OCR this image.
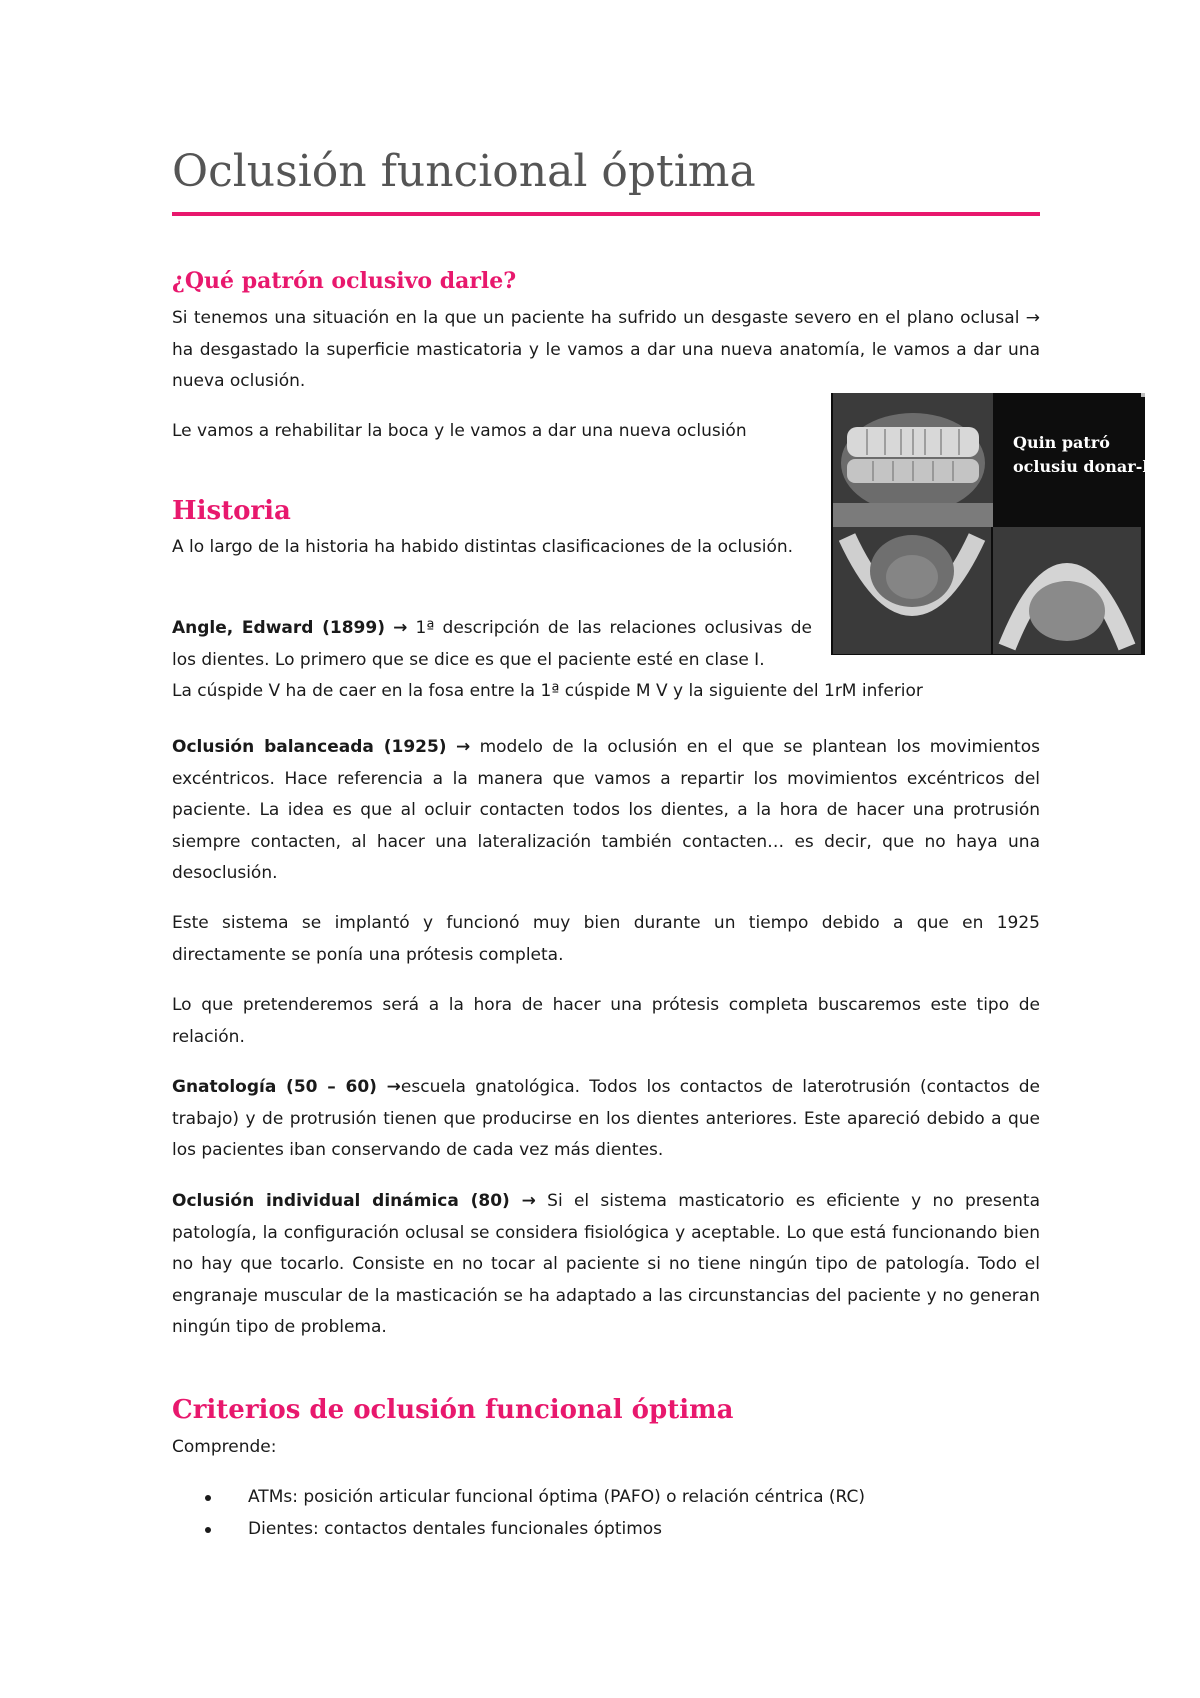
Oclusión funcional óptima
¿Qué patrón oclusivo darle?

Si tenemos una situación en la que un paciente ha sufrido un desgaste severo en el plano oclusal → ha desgastado la superficie masticatoria y le vamos a dar una nueva anatomía, le vamos a dar una nueva oclusión.

Le vamos a rehabilitar la boca y le vamos a dar una nueva oclusión

Quin patró
oclusiu donar-li?

Historia

A lo largo de la historia ha habido distintas clasificaciones de la oclusión.

Angle, Edward (1899) → 1ª descripción de las relaciones oclusivas de los dientes. Lo primero que se dice es que el paciente esté en clase I.

La cúspide V ha de caer en la fosa entre la 1ª cúspide M V y la siguiente del 1rM inferior

Oclusión balanceada (1925) → modelo de la oclusión en el que se plantean los movimientos excéntricos. Hace referencia a la manera que vamos a repartir los movimientos excéntricos del paciente. La idea es que al ocluir contacten todos los dientes, a la hora de hacer una protrusión siempre contacten, al hacer una lateralización también contacten… es decir, que no haya una desoclusión.

Este sistema se implantó y funcionó muy bien durante un tiempo debido a que en 1925 directamente se ponía una prótesis completa.

Lo que pretenderemos será a la hora de hacer una prótesis completa buscaremos este tipo de relación.

Gnatología (50 – 60) →escuela gnatológica. Todos los contactos de laterotrusión (contactos de trabajo) y de protrusión tienen que producirse en los dientes anteriores. Este apareció debido a que los pacientes iban conservando de cada vez más dientes.

Oclusión individual dinámica (80) → Si el sistema masticatorio es eficiente y no presenta patología, la configuración oclusal se considera fisiológica y aceptable. Lo que está funcionando bien no hay que tocarlo. Consiste en no tocar al paciente si no tiene ningún tipo de patología. Todo el engranaje muscular de la masticación se ha adaptado a las circunstancias del paciente y no generan ningún tipo de problema.

Criterios de oclusión funcional óptima

Comprende:

ATMs: posición articular funcional óptima (PAFO) o relación céntrica (RC)
Dientes: contactos dentales funcionales óptimos
